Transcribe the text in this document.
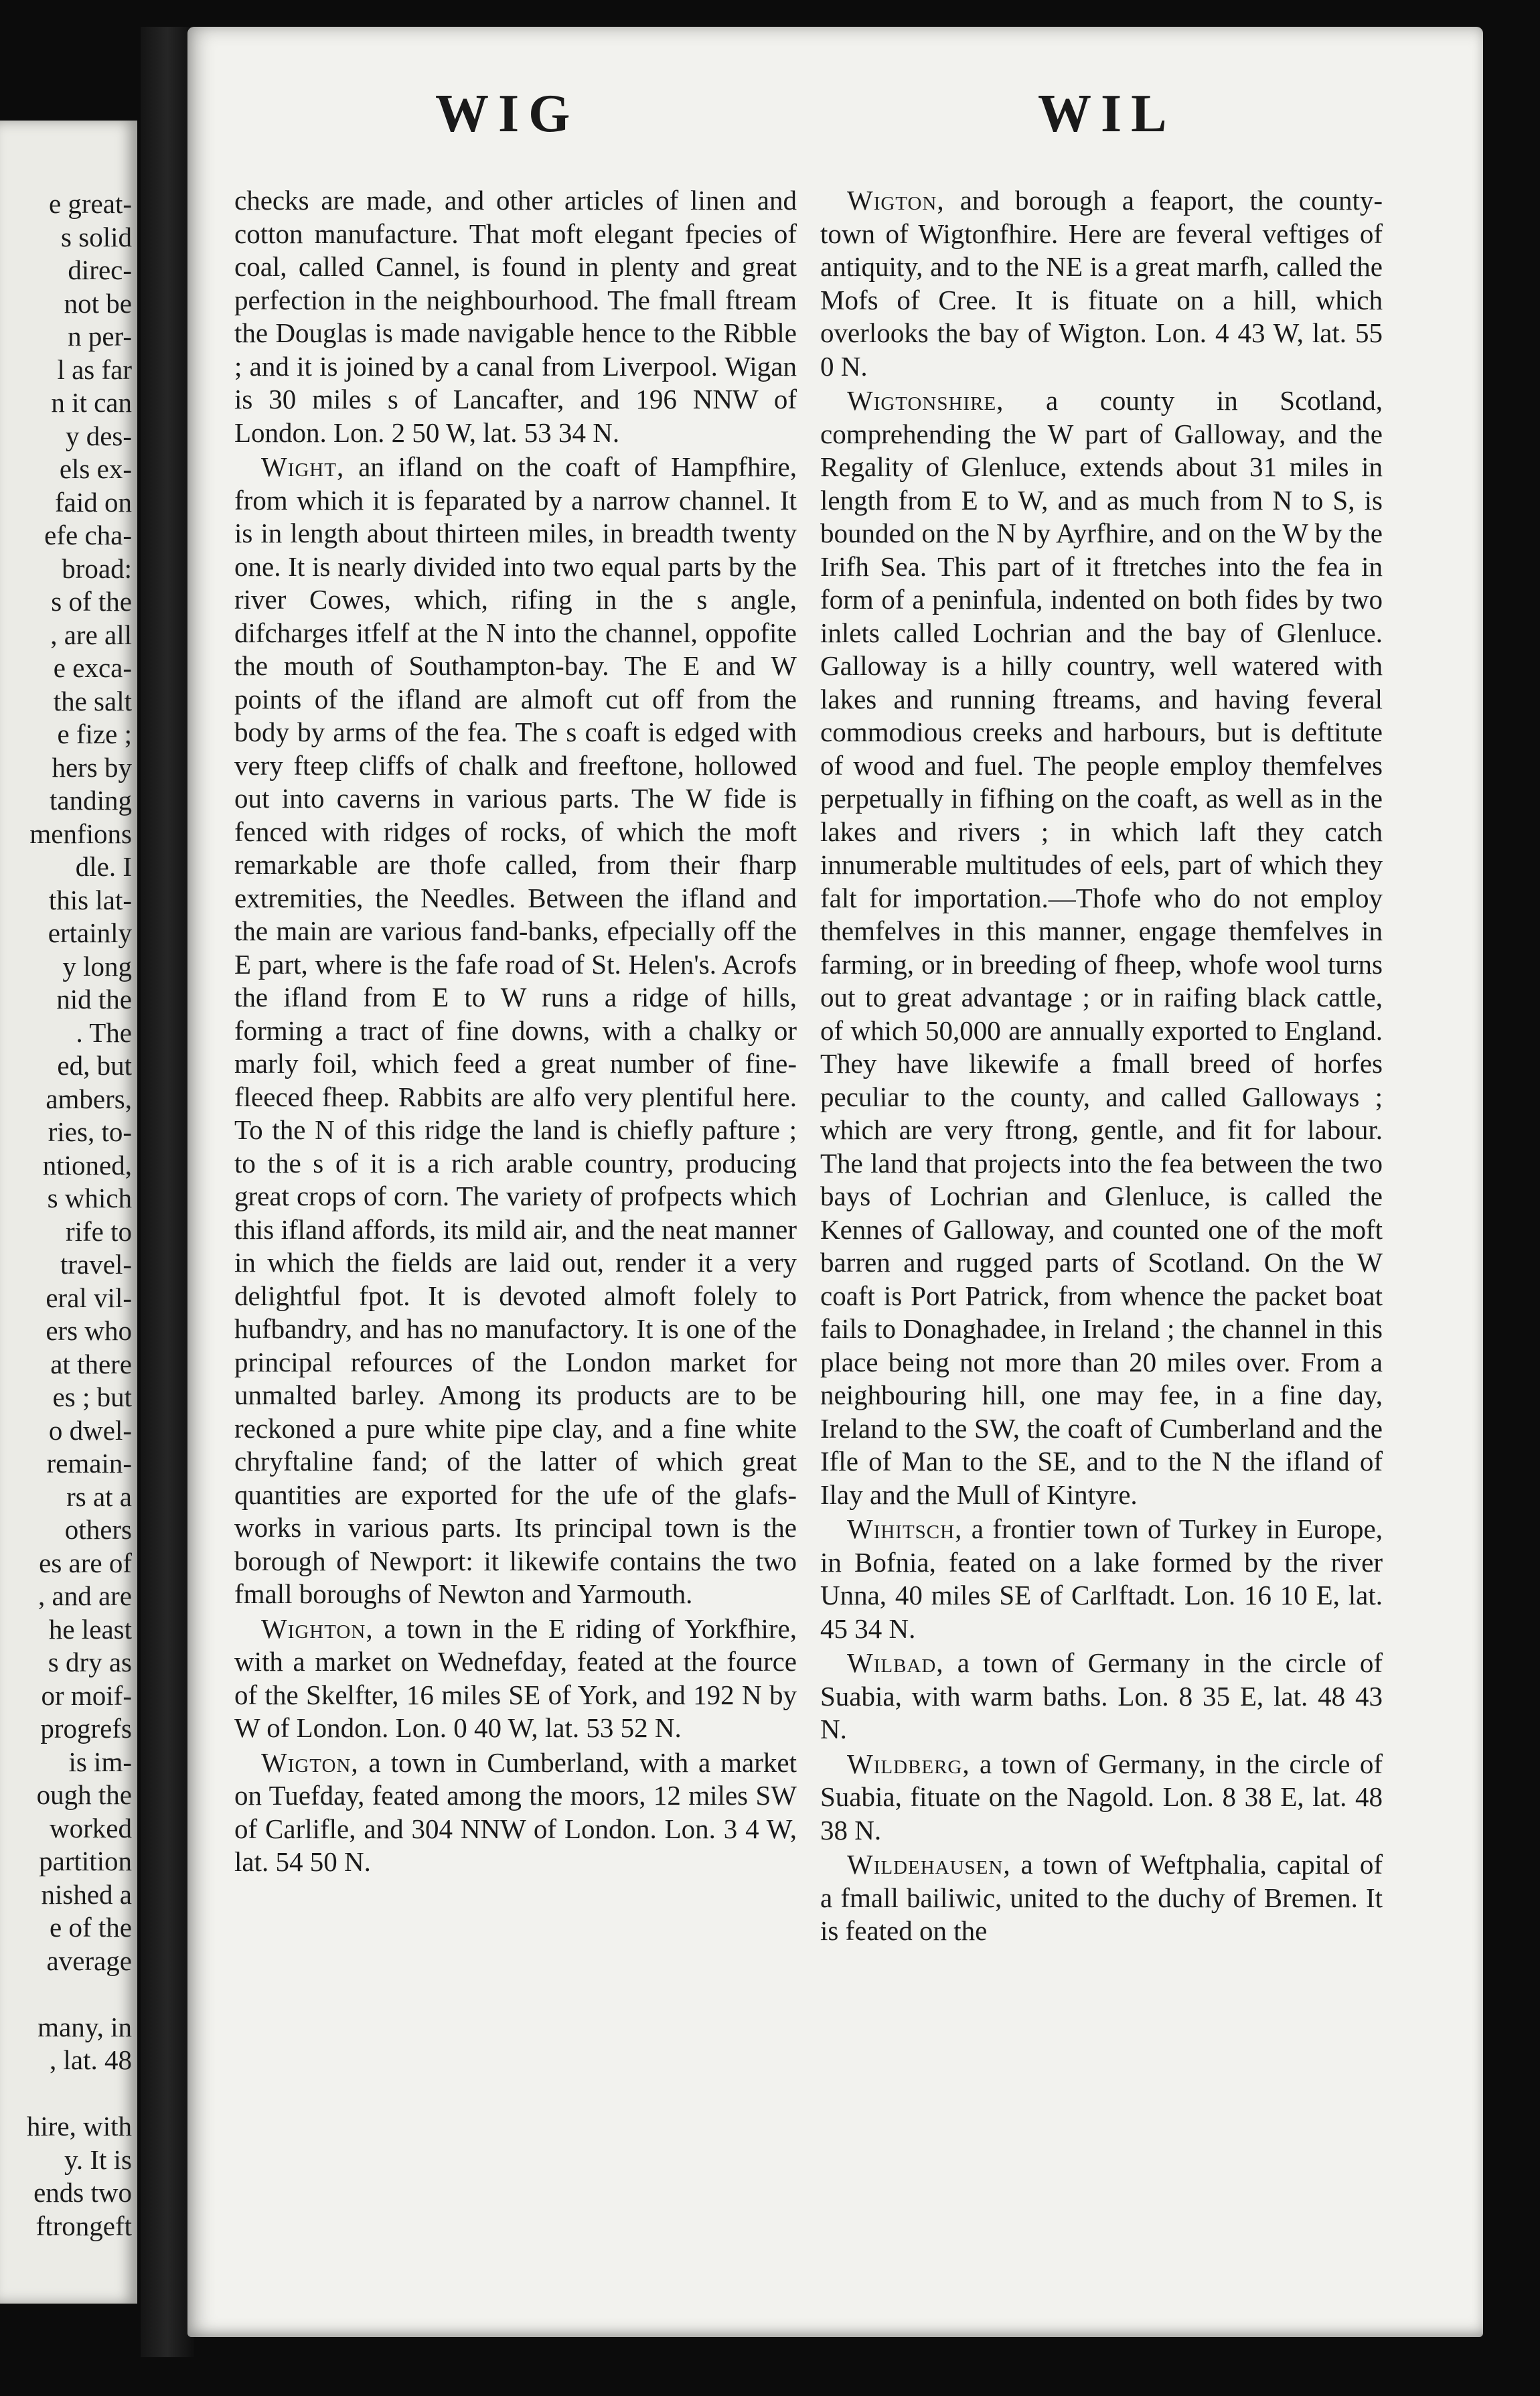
e great-
s solid
direc-
not be
n per-
l as far
n it can
y des-
els ex-
faid on
efe cha-
broad:
s of the
, are all
e exca-
the salt
e fize ;
hers by
tanding
menfions
dle. I
this lat-
ertainly
y long
nid the
. The
ed, but
ambers,
ries, to-
ntioned,
s which
rife to
travel-
eral vil-
ers who
at there
es ; but
o dwel-
remain-
rs at a
others
es are of
, and are
he least
s dry as
or moif-
progrefs
is im-
ough the
worked
partition
nished a
e of the
average

many, in
, lat. 48

hire, with
y. It is
ends two
ftrongeft
WIG	WIL

checks are made, and other articles of linen and cotton manufacture. That moft elegant fpecies of coal, called Cannel, is found in plenty and great perfection in the neighbourhood. The fmall ftream the Douglas is made navigable hence to the Ribble ; and it is joined by a canal from Liverpool. Wigan is 30 miles s of Lancafter, and 196 NNW of London. Lon. 2 50 W, lat. 53 34 N.

Wight, an ifland on the coaft of Hampfhire, from which it is feparated by a narrow channel. It is in length about thirteen miles, in breadth twenty one. It is nearly divided into two equal parts by the river Cowes, which, rifing in the s angle, difcharges itfelf at the N into the channel, oppofite the mouth of Southampton-bay. The E and W points of the ifland are almoft cut off from the body by arms of the fea. The s coaft is edged with very fteep cliffs of chalk and freeftone, hollowed out into caverns in various parts. The W fide is fenced with ridges of rocks, of which the moft remarkable are thofe called, from their fharp extremities, the Needles. Between the ifland and the main are various fand-banks, efpecially off the E part, where is the fafe road of St. Helen's. Acrofs the ifland from E to W runs a ridge of hills, forming a tract of fine downs, with a chalky or marly foil, which feed a great number of fine-fleeced fheep. Rabbits are alfo very plentiful here. To the N of this ridge the land is chiefly pafture ; to the s of it is a rich arable country, producing great crops of corn. The variety of profpects which this ifland affords, its mild air, and the neat manner in which the fields are laid out, render it a very delightful fpot. It is devoted almoft folely to hufbandry, and has no manufactory. It is one of the principal refources of the London market for unmalted barley. Among its products are to be reckoned a pure white pipe clay, and a fine white chryftaline fand; of the latter of which great quantities are exported for the ufe of the glafs-works in various parts. Its principal town is the borough of Newport: it likewife contains the two fmall boroughs of Newton and Yarmouth.

Wighton, a town in the E riding of Yorkfhire, with a market on Wednefday, feated at the fource of the Skelfter, 16 miles SE of York, and 192 N by W of London. Lon. 0 40 W, lat. 53 52 N.

Wigton, a town in Cumberland, with a market on Tuefday, feated among the moors, 12 miles SW of Carlifle, and 304 NNW of London. Lon. 3 4 W, lat. 54 50 N.

Wigton, and borough a feaport, the county-town of Wigtonfhire. Here are feveral veftiges of antiquity, and to the NE is a great marfh, called the Mofs of Cree. It is fituate on a hill, which overlooks the bay of Wigton. Lon. 4 43 W, lat. 55 0 N.

Wigtonshire, a county in Scotland, comprehending the W part of Galloway, and the Regality of Glenluce, extends about 31 miles in length from E to W, and as much from N to S, is bounded on the N by Ayrfhire, and on the W by the Irifh Sea. This part of it ftretches into the fea in form of a peninfula, indented on both fides by two inlets called Lochrian and the bay of Glenluce. Galloway is a hilly country, well watered with lakes and running ftreams, and having feveral commodious creeks and harbours, but is deftitute of wood and fuel. The people employ themfelves perpetually in fifhing on the coaft, as well as in the lakes and rivers ; in which laft they catch innumerable multitudes of eels, part of which they falt for importation.—Thofe who do not employ themfelves in this manner, engage themfelves in farming, or in breeding of fheep, whofe wool turns out to great advantage ; or in raifing black cattle, of which 50,000 are annually exported to England. They have likewife a fmall breed of horfes peculiar to the county, and called Galloways ; which are very ftrong, gentle, and fit for labour. The land that projects into the fea between the two bays of Lochrian and Glenluce, is called the Kennes of Galloway, and counted one of the moft barren and rugged parts of Scotland. On the W coaft is Port Patrick, from whence the packet boat fails to Donaghadee, in Ireland ; the channel in this place being not more than 20 miles over. From a neighbouring hill, one may fee, in a fine day, Ireland to the SW, the coaft of Cumberland and the Ifle of Man to the SE, and to the N the ifland of Ilay and the Mull of Kintyre.

Wihitsch, a frontier town of Turkey in Europe, in Bofnia, feated on a lake formed by the river Unna, 40 miles SE of Carlftadt. Lon. 16 10 E, lat. 45 34 N.

Wilbad, a town of Germany in the circle of Suabia, with warm baths. Lon. 8 35 E, lat. 48 43 N.

Wildberg, a town of Germany, in the circle of Suabia, fituate on the Nagold. Lon. 8 38 E, lat. 48 38 N.

Wildehausen, a town of Weftphalia, capital of a fmall bailiwic, united to the duchy of Bremen. It is feated on the
